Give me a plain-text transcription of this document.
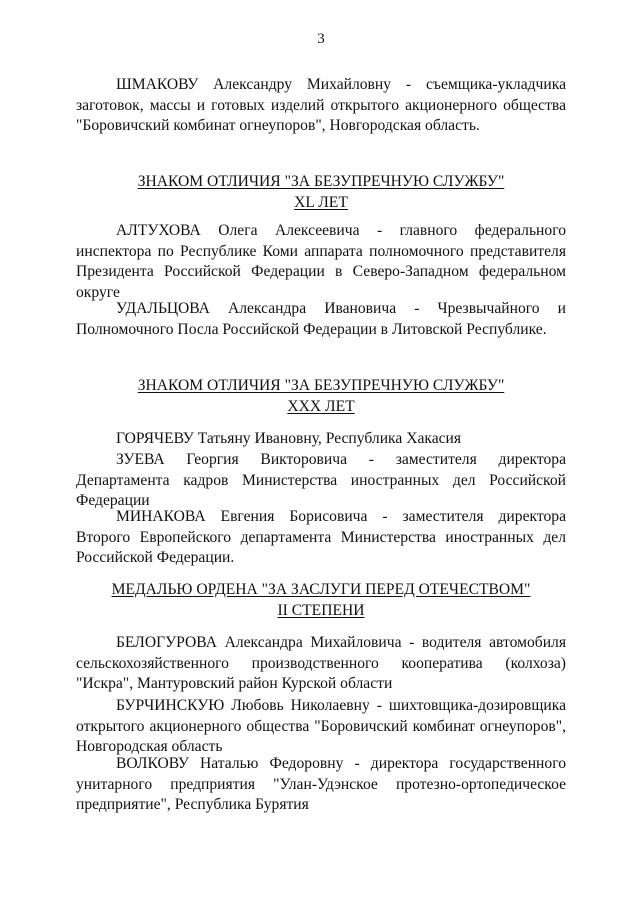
3

ШМАКОВУ Александру Михайловну - съемщика-укладчика заготовок, массы и готовых изделий открытого акционерного общества "Боровичский комбинат огнеупоров", Новгородская область.

ЗНАКОМ ОТЛИЧИЯ "ЗА БЕЗУПРЕЧНУЮ СЛУЖБУ"
XL ЛЕТ

АЛТУХОВА Олега Алексеевича - главного федерального инспектора по Республике Коми аппарата полномочного представителя Президента Российской Федерации в Северо-Западном федеральном округе

УДАЛЬЦОВА Александра Ивановича - Чрезвычайного и Полномочного Посла Российской Федерации в Литовской Республике.

ЗНАКОМ ОТЛИЧИЯ "ЗА БЕЗУПРЕЧНУЮ СЛУЖБУ"
XXX ЛЕТ

ГОРЯЧЕВУ Татьяну Ивановну, Республика Хакасия

ЗУЕВА Георгия Викторовича - заместителя директора Департамента кадров Министерства иностранных дел Российской Федерации

МИНАКОВА Евгения Борисовича - заместителя директора Второго Европейского департамента Министерства иностранных дел Российской Федерации.

МЕДАЛЬЮ ОРДЕНА "ЗА ЗАСЛУГИ ПЕРЕД ОТЕЧЕСТВОМ"
II СТЕПЕНИ

БЕЛОГУРОВА Александра Михайловича - водителя автомобиля сельскохозяйственного производственного кооператива (колхоза) "Искра", Мантуровский район Курской области

БУРЧИНСКУЮ Любовь Николаевну - шихтовщика-дозировщика открытого акционерного общества "Боровичский комбинат огнеупоров", Новгородская область

ВОЛКОВУ Наталью Федоровну - директора государственного унитарного предприятия "Улан-Удэнское протезно-ортопедическое предприятие", Республика Бурятия
